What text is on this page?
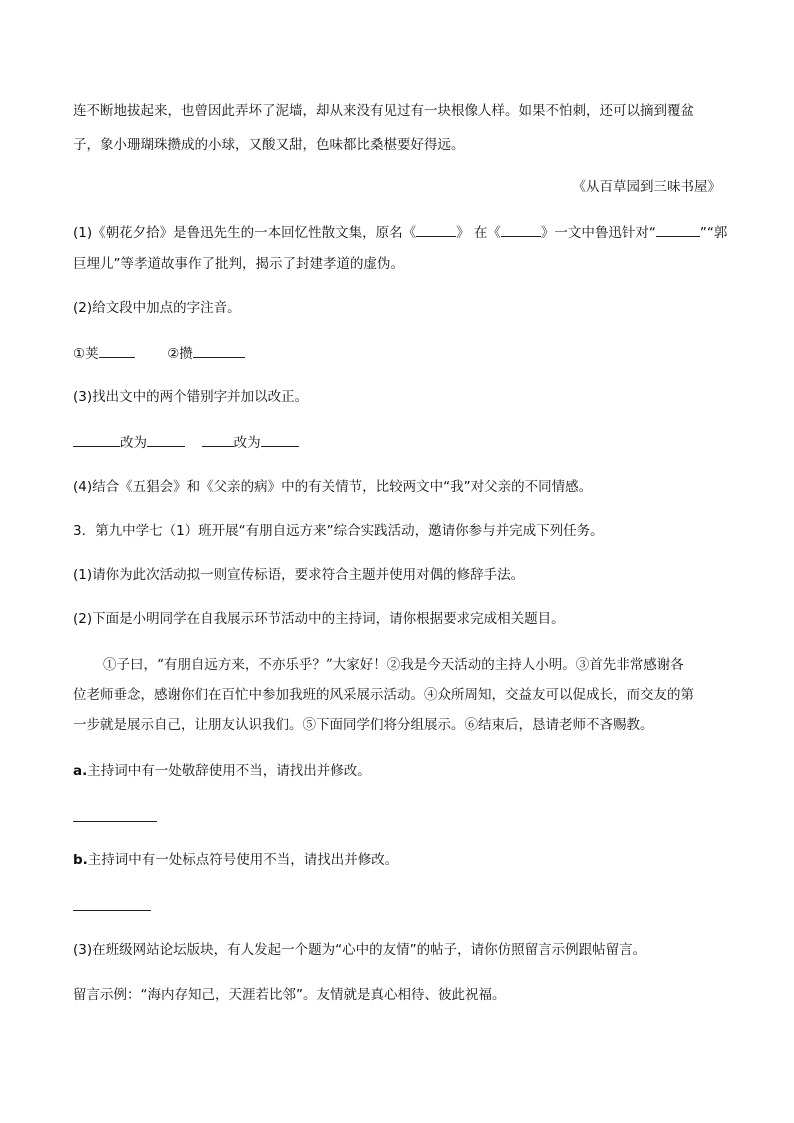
连不断地拔起来，也曾因此弄坏了泥墙，却从来没有见过有一块根像人样。如果不怕刺，还可以摘到覆盆
子，象小珊瑚珠攒成的小球，又酸又甜，色味都比桑椹要好得远。
《从百草园到三味书屋》
(1)《朝花夕拾》是鲁迅先生的一本回忆性散文集，原名《	》 在《	》一文中鲁迅针对“	”“郭
巨埋儿”等孝道故事作了批判，揭示了封建孝道的虚伪。
(2)给文段中加点的字注音。
①荚	②攒
(3)找出文中的两个错别字并加以改正。
改为	改为
(4)结合《五猖会》和《父亲的病》中的有关情节，比较两文中“我”对父亲的不同情感。
3．第九中学七（1）班开展“有朋自远方来”综合实践活动，邀请你参与并完成下列任务。
(1)请你为此次活动拟一则宣传标语，要求符合主题并使用对偶的修辞手法。
(2)下面是小明同学在自我展示环节活动中的主持词，请你根据要求完成相关题目。
①子曰，“有朋自远方来，不亦乐乎？”大家好！②我是今天活动的主持人小明。③首先非常感谢各
位老师垂念，感谢你们在百忙中参加我班的风采展示活动。④众所周知，交益友可以促成长，而交友的第
一步就是展示自己，让朋友认识我们。⑤下面同学们将分组展示。⑥结束后，恳请老师不吝赐教。
a.主持词中有一处敬辞使用不当，请找出并修改。
b.主持词中有一处标点符号使用不当，请找出并修改。
(3)在班级网站论坛版块，有人发起一个题为“心中的友情”的帖子，请你仿照留言示例跟帖留言。
留言示例：“海内存知己，天涯若比邻”。友情就是真心相待、彼此祝福。
